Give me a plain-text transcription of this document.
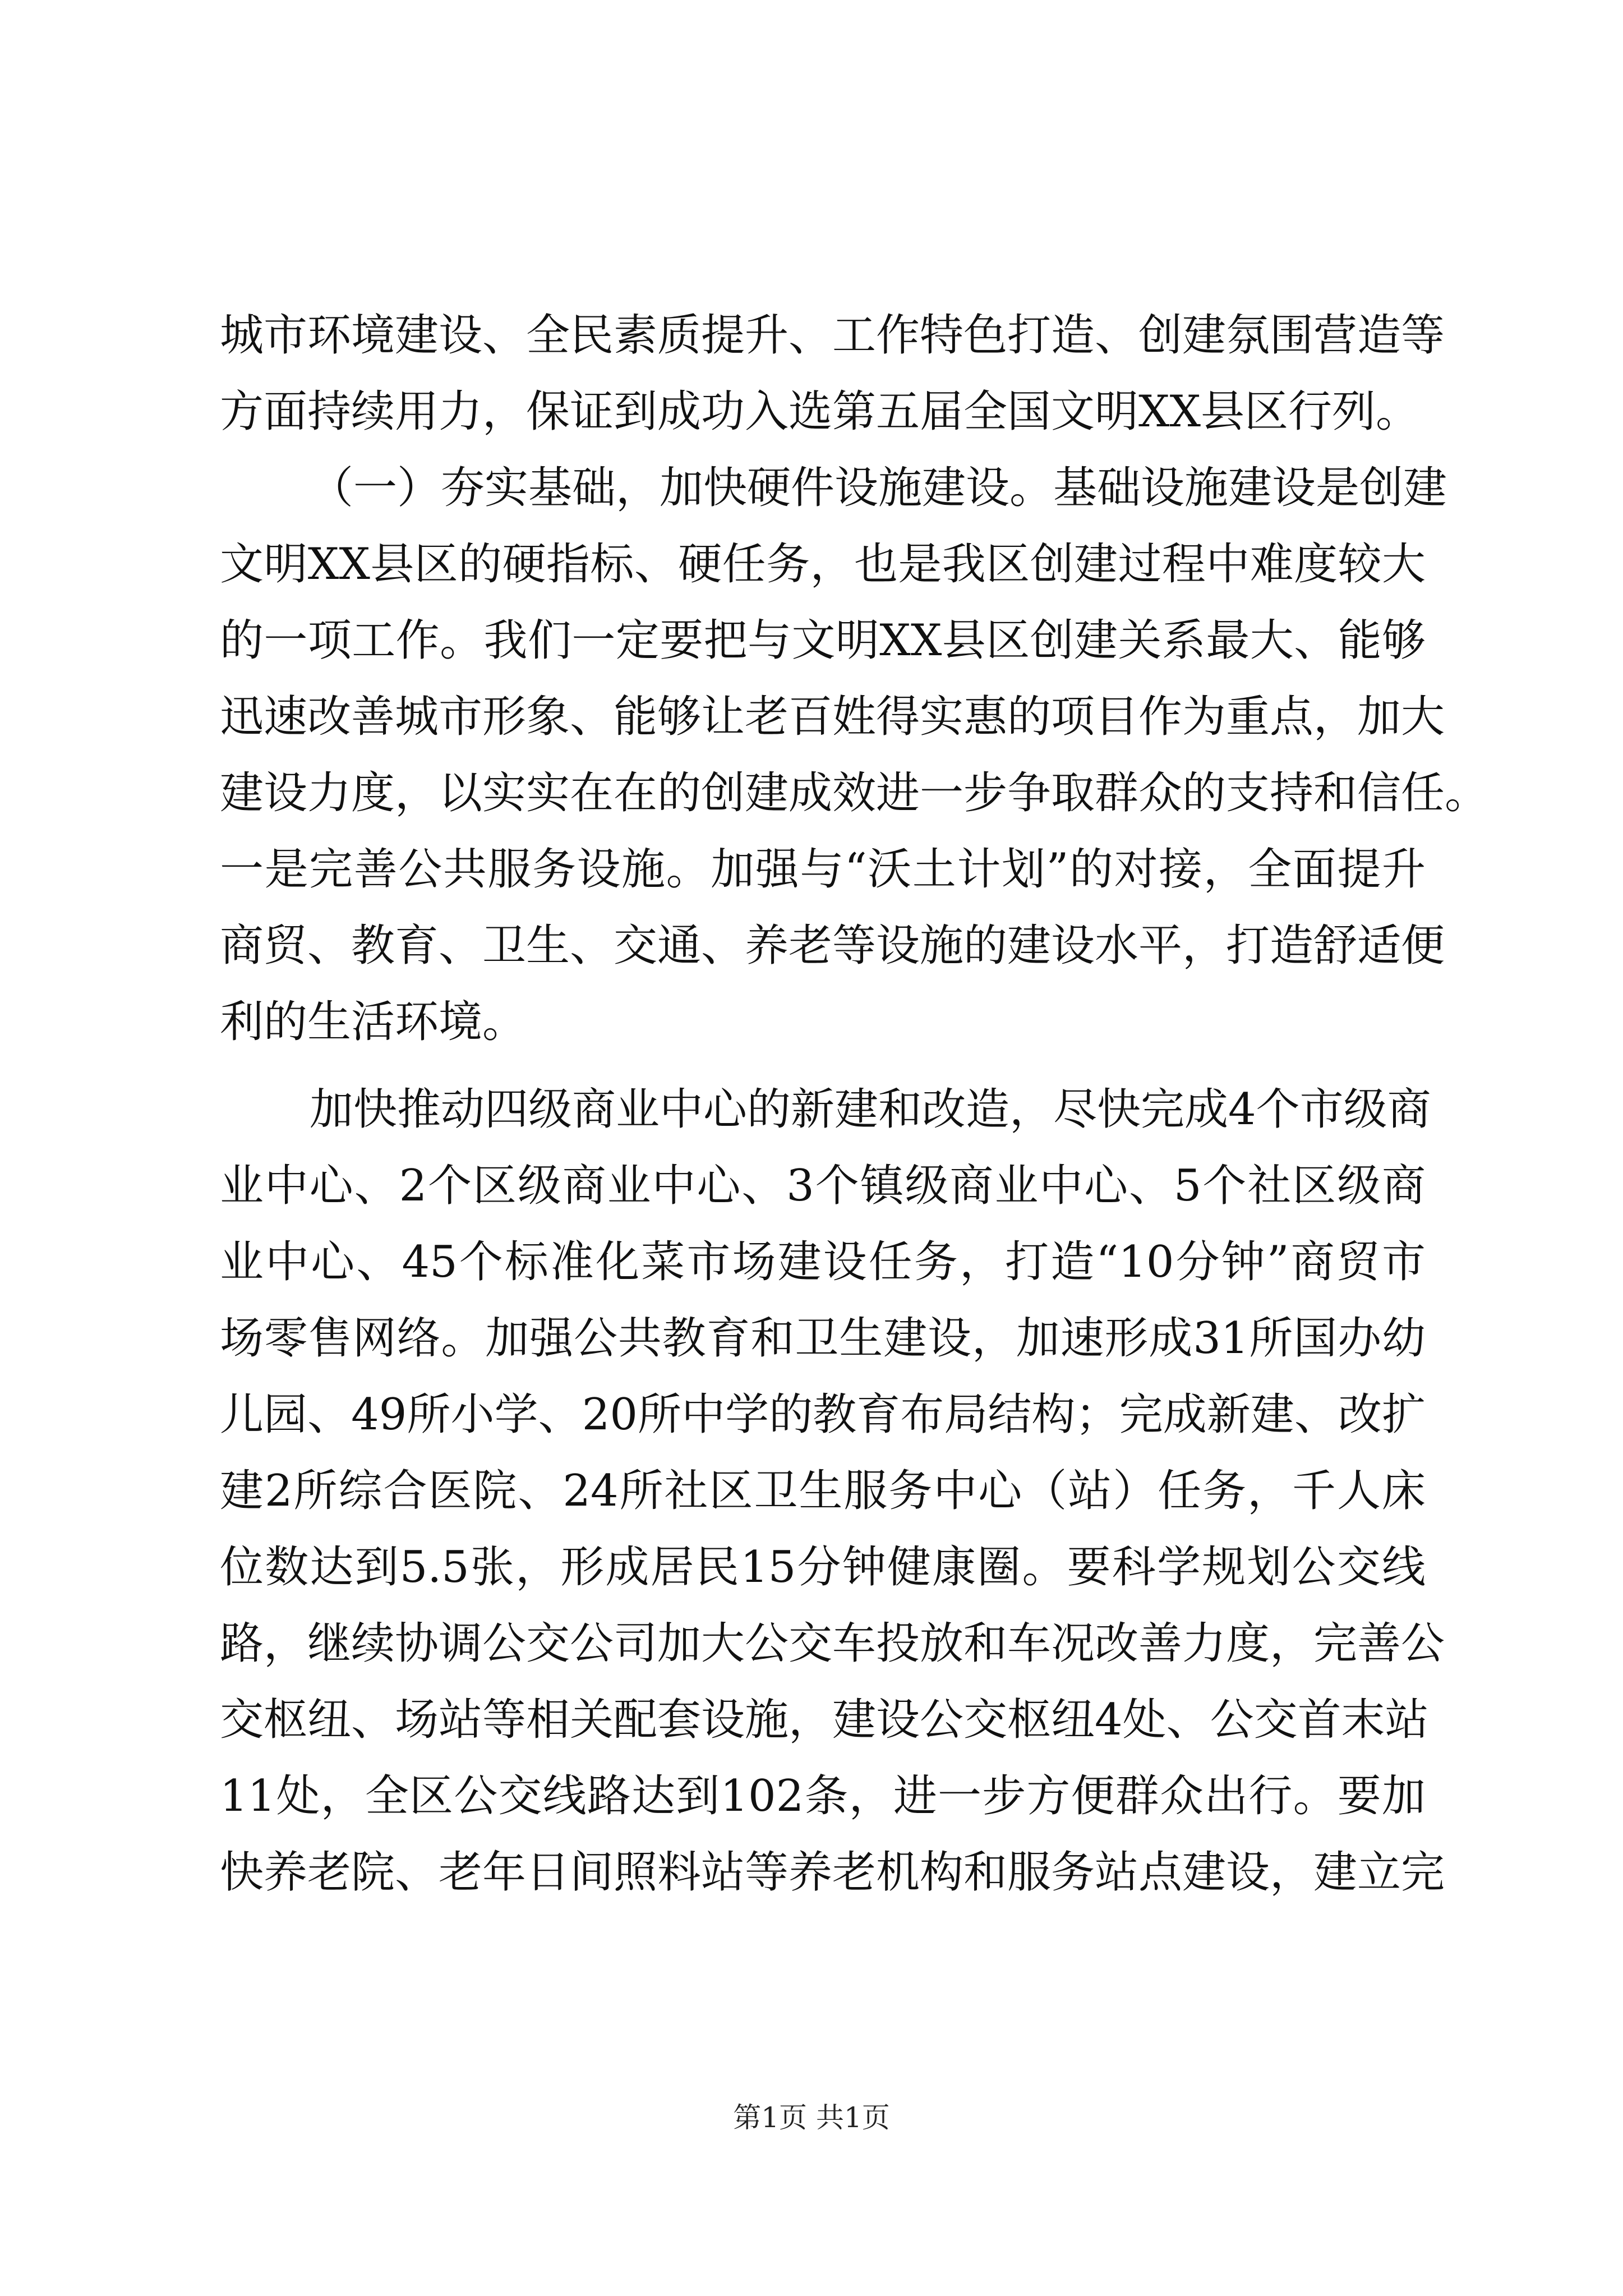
城市环境建设、全民素质提升、工作特色打造、创建氛围营造等
方面持续用力，保证到成功入选第五届全国文明XX县区行列。
（一）夯实基础，加快硬件设施建设。基础设施建设是创建
文明XX县区的硬指标、硬任务，也是我区创建过程中难度较大
的一项工作。我们一定要把与文明XX县区创建关系最大、能够
迅速改善城市形象、能够让老百姓得实惠的项目作为重点，加大
建设力度，以实实在在的创建成效进一步争取群众的支持和信任。
一是完善公共服务设施。加强与“沃土计划”的对接，全面提升
商贸、教育、卫生、交通、养老等设施的建设水平，打造舒适便
利的生活环境。
加快推动四级商业中心的新建和改造，尽快完成4个市级商
业中心、2个区级商业中心、3个镇级商业中心、5个社区级商
业中心、45个标准化菜市场建设任务，打造“10分钟”商贸市
场零售网络。加强公共教育和卫生建设，加速形成31所国办幼
儿园、49所小学、20所中学的教育布局结构；完成新建、改扩
建2所综合医院、24所社区卫生服务中心（站）任务，千人床
位数达到5.5张，形成居民15分钟健康圈。要科学规划公交线
路，继续协调公交公司加大公交车投放和车况改善力度，完善公
交枢纽、场站等相关配套设施，建设公交枢纽4处、公交首末站
11处，全区公交线路达到102条，进一步方便群众出行。要加
快养老院、老年日间照料站等养老机构和服务站点建设，建立完
第1页 共1页
